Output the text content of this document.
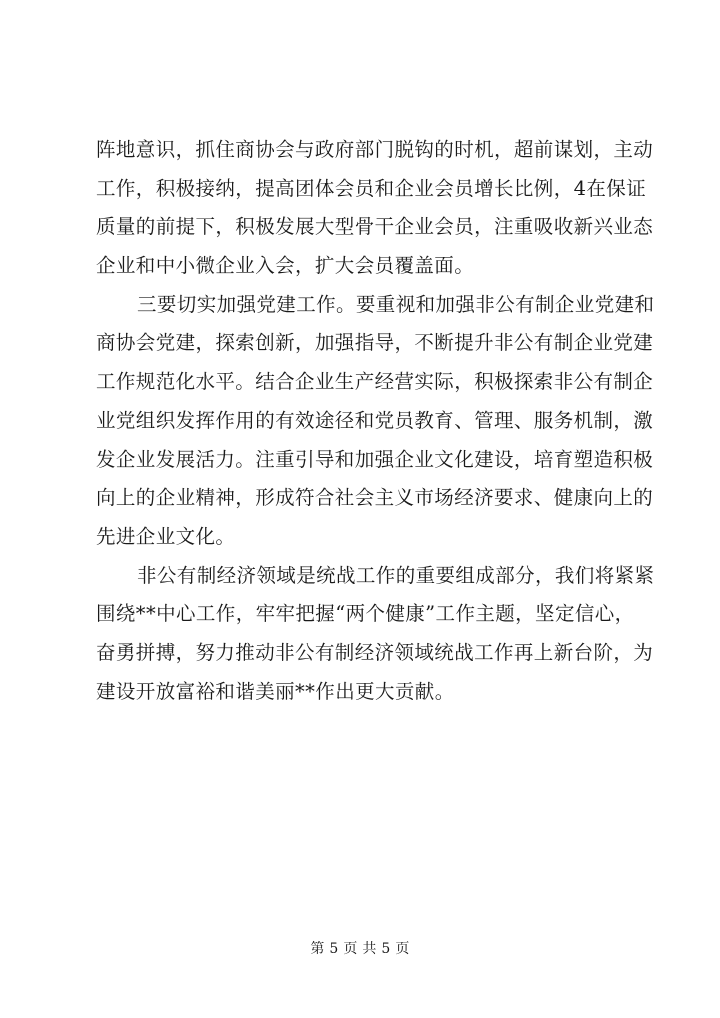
阵地意识，抓住商协会与政府部门脱钩的时机，超前谋划，主动
工作，积极接纳，提高团体会员和企业会员增长比例，4在保证
质量的前提下，积极发展大型骨干企业会员，注重吸收新兴业态
企业和中小微企业入会，扩大会员覆盖面。

三要切实加强党建工作。要重视和加强非公有制企业党建和
商协会党建，探索创新，加强指导，不断提升非公有制企业党建
工作规范化水平。结合企业生产经营实际，积极探索非公有制企
业党组织发挥作用的有效途径和党员教育、管理、服务机制，激
发企业发展活力。注重引导和加强企业文化建设，培育塑造积极
向上的企业精神，形成符合社会主义市场经济要求、健康向上的
先进企业文化。

非公有制经济领域是统战工作的重要组成部分，我们将紧紧
围绕**中心工作，牢牢把握“两个健康”工作主题，坚定信心，
奋勇拼搏，努力推动非公有制经济领域统战工作再上新台阶，为
建设开放富裕和谐美丽**作出更大贡献。

第 5 页 共 5 页
